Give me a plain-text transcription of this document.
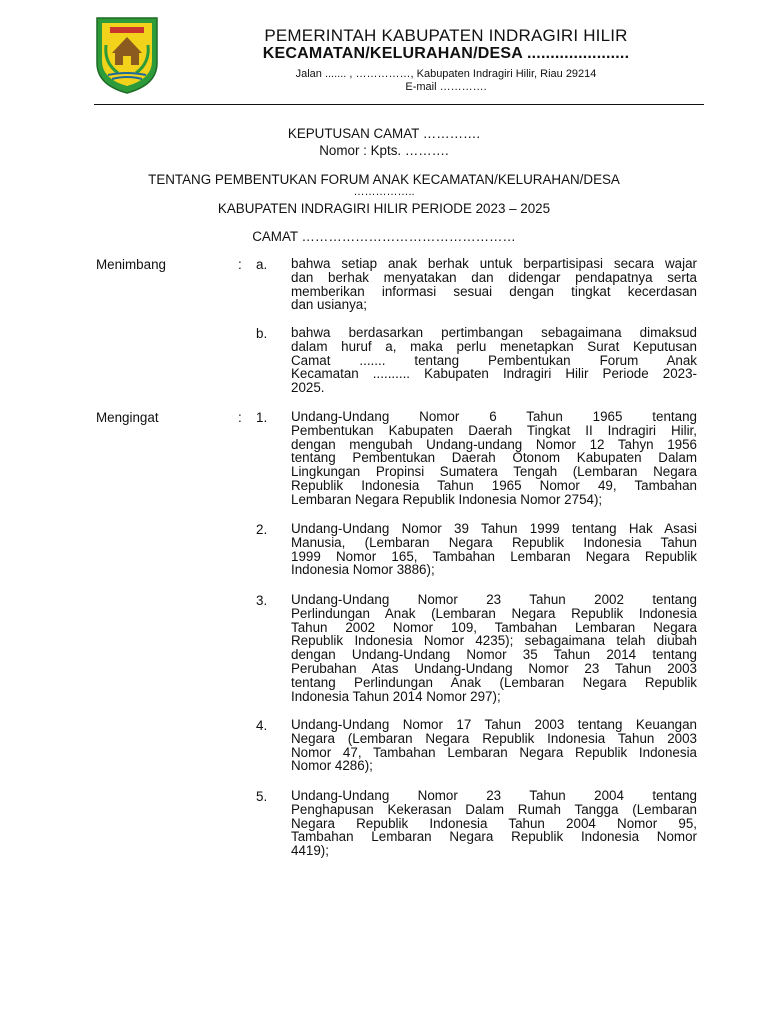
PEMERINTAH KABUPATEN INDRAGIRI HILIR
KECAMATAN/KELURAHAN/DESA ......................
Jalan ....... , ……………, Kabupaten Indragiri Hilir, Riau 29214
E-mail ………….
KEPUTUSAN CAMAT ………….
Nomor : Kpts. ……….
TENTANG PEMBENTUKAN FORUM ANAK KECAMATAN/KELURAHAN/DESA
……………..
KABUPATEN INDRAGIRI HILIR PERIODE 2023 – 2025
CAMAT …………………………………………
Menimbang	: a. bahwa setiap anak berhak untuk berpartisipasi secara wajar
dan berhak menyatakan dan didengar pendapatnya serta
memberikan informasi sesuai dengan tingkat kecerdasan
dan usianya;
b. bahwa berdasarkan pertimbangan sebagaimana dimaksud
dalam huruf a, maka perlu menetapkan Surat Keputusan
Camat ....... tentang Pembentukan Forum Anak
Kecamatan .......... Kabupaten Indragiri Hilir Periode 2023-
2025.
Mengingat	: 1. Undang-Undang Nomor 6 Tahun 1965 tentang
Pembentukan Kabupaten Daerah Tingkat II Indragiri Hilir,
dengan mengubah Undang-undang Nomor 12 Tahyn 1956
tentang Pembentukan Daerah Otonom Kabupaten Dalam
Lingkungan Propinsi Sumatera Tengah (Lembaran Negara
Republik Indonesia Tahun 1965 Nomor 49, Tambahan
Lembaran Negara Republik Indonesia Nomor 2754);
2. Undang-Undang Nomor 39 Tahun 1999 tentang Hak Asasi
Manusia, (Lembaran Negara Republik Indonesia Tahun
1999 Nomor 165, Tambahan Lembaran Negara Republik
Indonesia Nomor 3886);
3. Undang-Undang Nomor 23 Tahun 2002 tentang
Perlindungan Anak (Lembaran Negara Republik Indonesia
Tahun 2002 Nomor 109, Tambahan Lembaran Negara
Republik Indonesia Nomor 4235); sebagaimana telah diubah
dengan Undang-Undang Nomor 35 Tahun 2014 tentang
Perubahan Atas Undang-Undang Nomor 23 Tahun 2003
tentang Perlindungan Anak (Lembaran Negara Republik
Indonesia Tahun 2014 Nomor 297);
4. Undang-Undang Nomor 17 Tahun 2003 tentang Keuangan
Negara (Lembaran Negara Republik Indonesia Tahun 2003
Nomor 47, Tambahan Lembaran Negara Republik Indonesia
Nomor 4286);
5. Undang-Undang Nomor 23 Tahun 2004 tentang
Penghapusan Kekerasan Dalam Rumah Tangga (Lembaran
Negara Republik Indonesia Tahun 2004 Nomor 95,
Tambahan Lembaran Negara Republik Indonesia Nomor
4419);
